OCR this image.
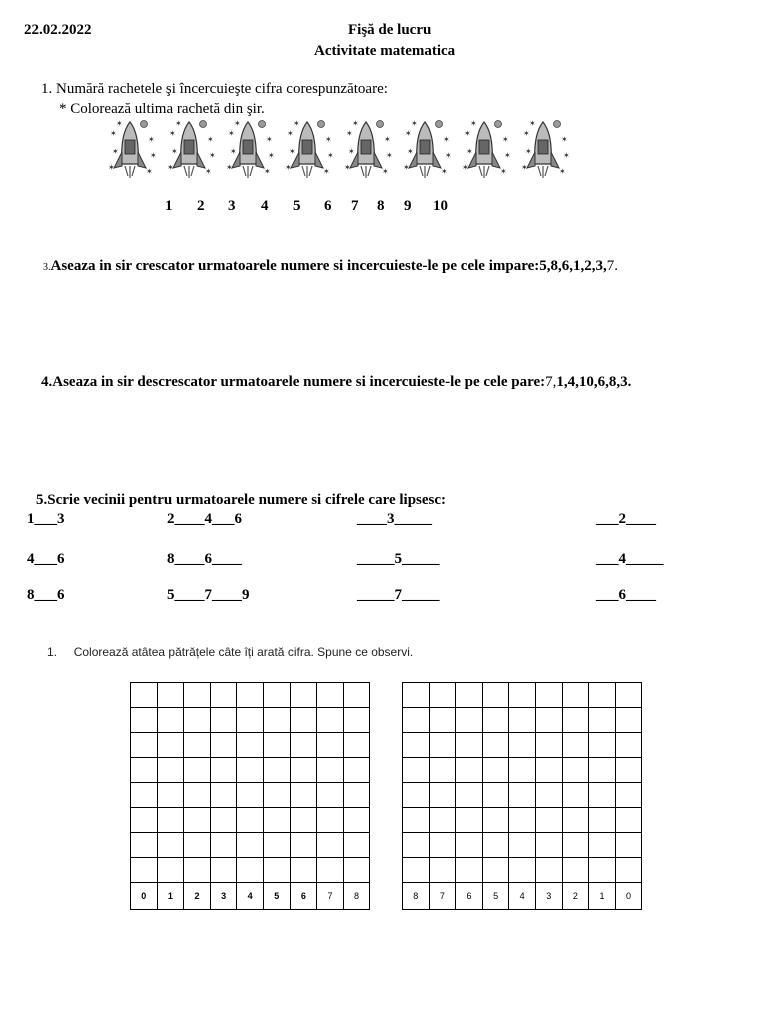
22.02.2022	Fişă de lucru
Activitate matematica
1. Numără rachetele şi încercuieşte cifra corespunzătoare:
* Colorează ultima rachetă din şir.
✶
✶
✶	✶
✶	✶
✶
✶
✶
✶	✶
✶	✶
✶
✶
✶
✶	✶
✶	✶
✶
✶
✶
✶	✶
✶	✶
✶
✶
✶
✶	✶
✶	✶
✶
✶
✶
✶	✶
✶	✶
✶
✶
✶
✶	✶
✶	✶
✶
✶
✶
✶	✶
✶	✶
✶
1 2 3 4 5 6 7 8 9 10
3.Aseaza in sir crescator urmatoarele numere si incercuieste-le pe cele impare:5,8,6,1,2,3,7.
4.Aseaza in sir descrescator urmatoarele numere si incercuieste-le pe cele pare:7,1,4,10,6,8,3.
5.Scrie vecinii pentru urmatoarele numere si cifrele care lipsesc:
1___3	2____4___6	____3_____	___2____
4___6	8____6____	_____5_____	___4_____
8___6	5____7____9	_____7_____	___6____
1. Colorează atâtea pătrățele câte îți arată cifra. Spune ce observi.

0	1	2	3	4	5	6	7	8

									8	7	6	5	4	3	2	1	0
